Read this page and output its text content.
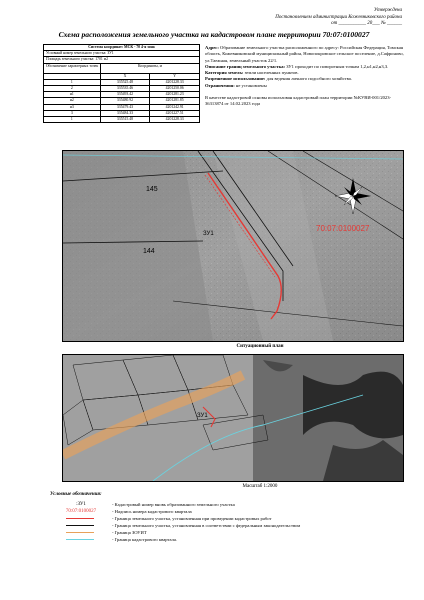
Утверждена
Постановлением администрации Кожевниковского района
от ___________ 20___ № ______
Схема расположения земельного участка на кадастровом плане территории 70:07:0100027
Система координат: МСК - 70 4-я зона
Условный номер земельного участка: ЗУ1
Площадь земельного участка: 1701 м2
Обозначение характерных точек	Координаты, м
X	Y
1	335525.48	4201228.33
2	335535.46	4201250.06
н1	335493.42	4201281.23
н2	335480.92	4201281.85
н3	335479.43	4201242.91
3	335484.33	4201227.51
1	335515.48	4201228.33

Адрес: Образование земельного участка расположенного по адресу: Российская Федерация, Томская область, Кожевниковский муниципальный район, Новопокровское сельское поселение, д.Сафроново, ул.Таежная, земельный участок 22/1.

Описание границ земельного участка: ЗУ1 проходит по поворотным точкам 1,2,н1,н2,н3,3.

Категория земель: земли населенных пунктов.

Разрешенное использование: для ведения личного подсобного хозяйства.

Ограничения: не установлены

В качестве кадастровой основы использован кадастровый план территории №КУВИ-001/2023-36313874 от 14.02.2023 года

145
ЗУ1
144
70:07:0100027
Ситуационный план
ЗУ1
Масштаб 1:2000
Условные обозначения:
:ЗУ1	- Кадастровый номер вновь образованного земельного участка
70:07:0100027	- Надпись номера кадастрового квартала
- Граница земельного участка, установленная при проведении кадастровых работ
- Граница земельного участка, установленная в соответствии с федеральным законодательством
- Граница ЗОУИТ
- Граница кадастрового квартала.
